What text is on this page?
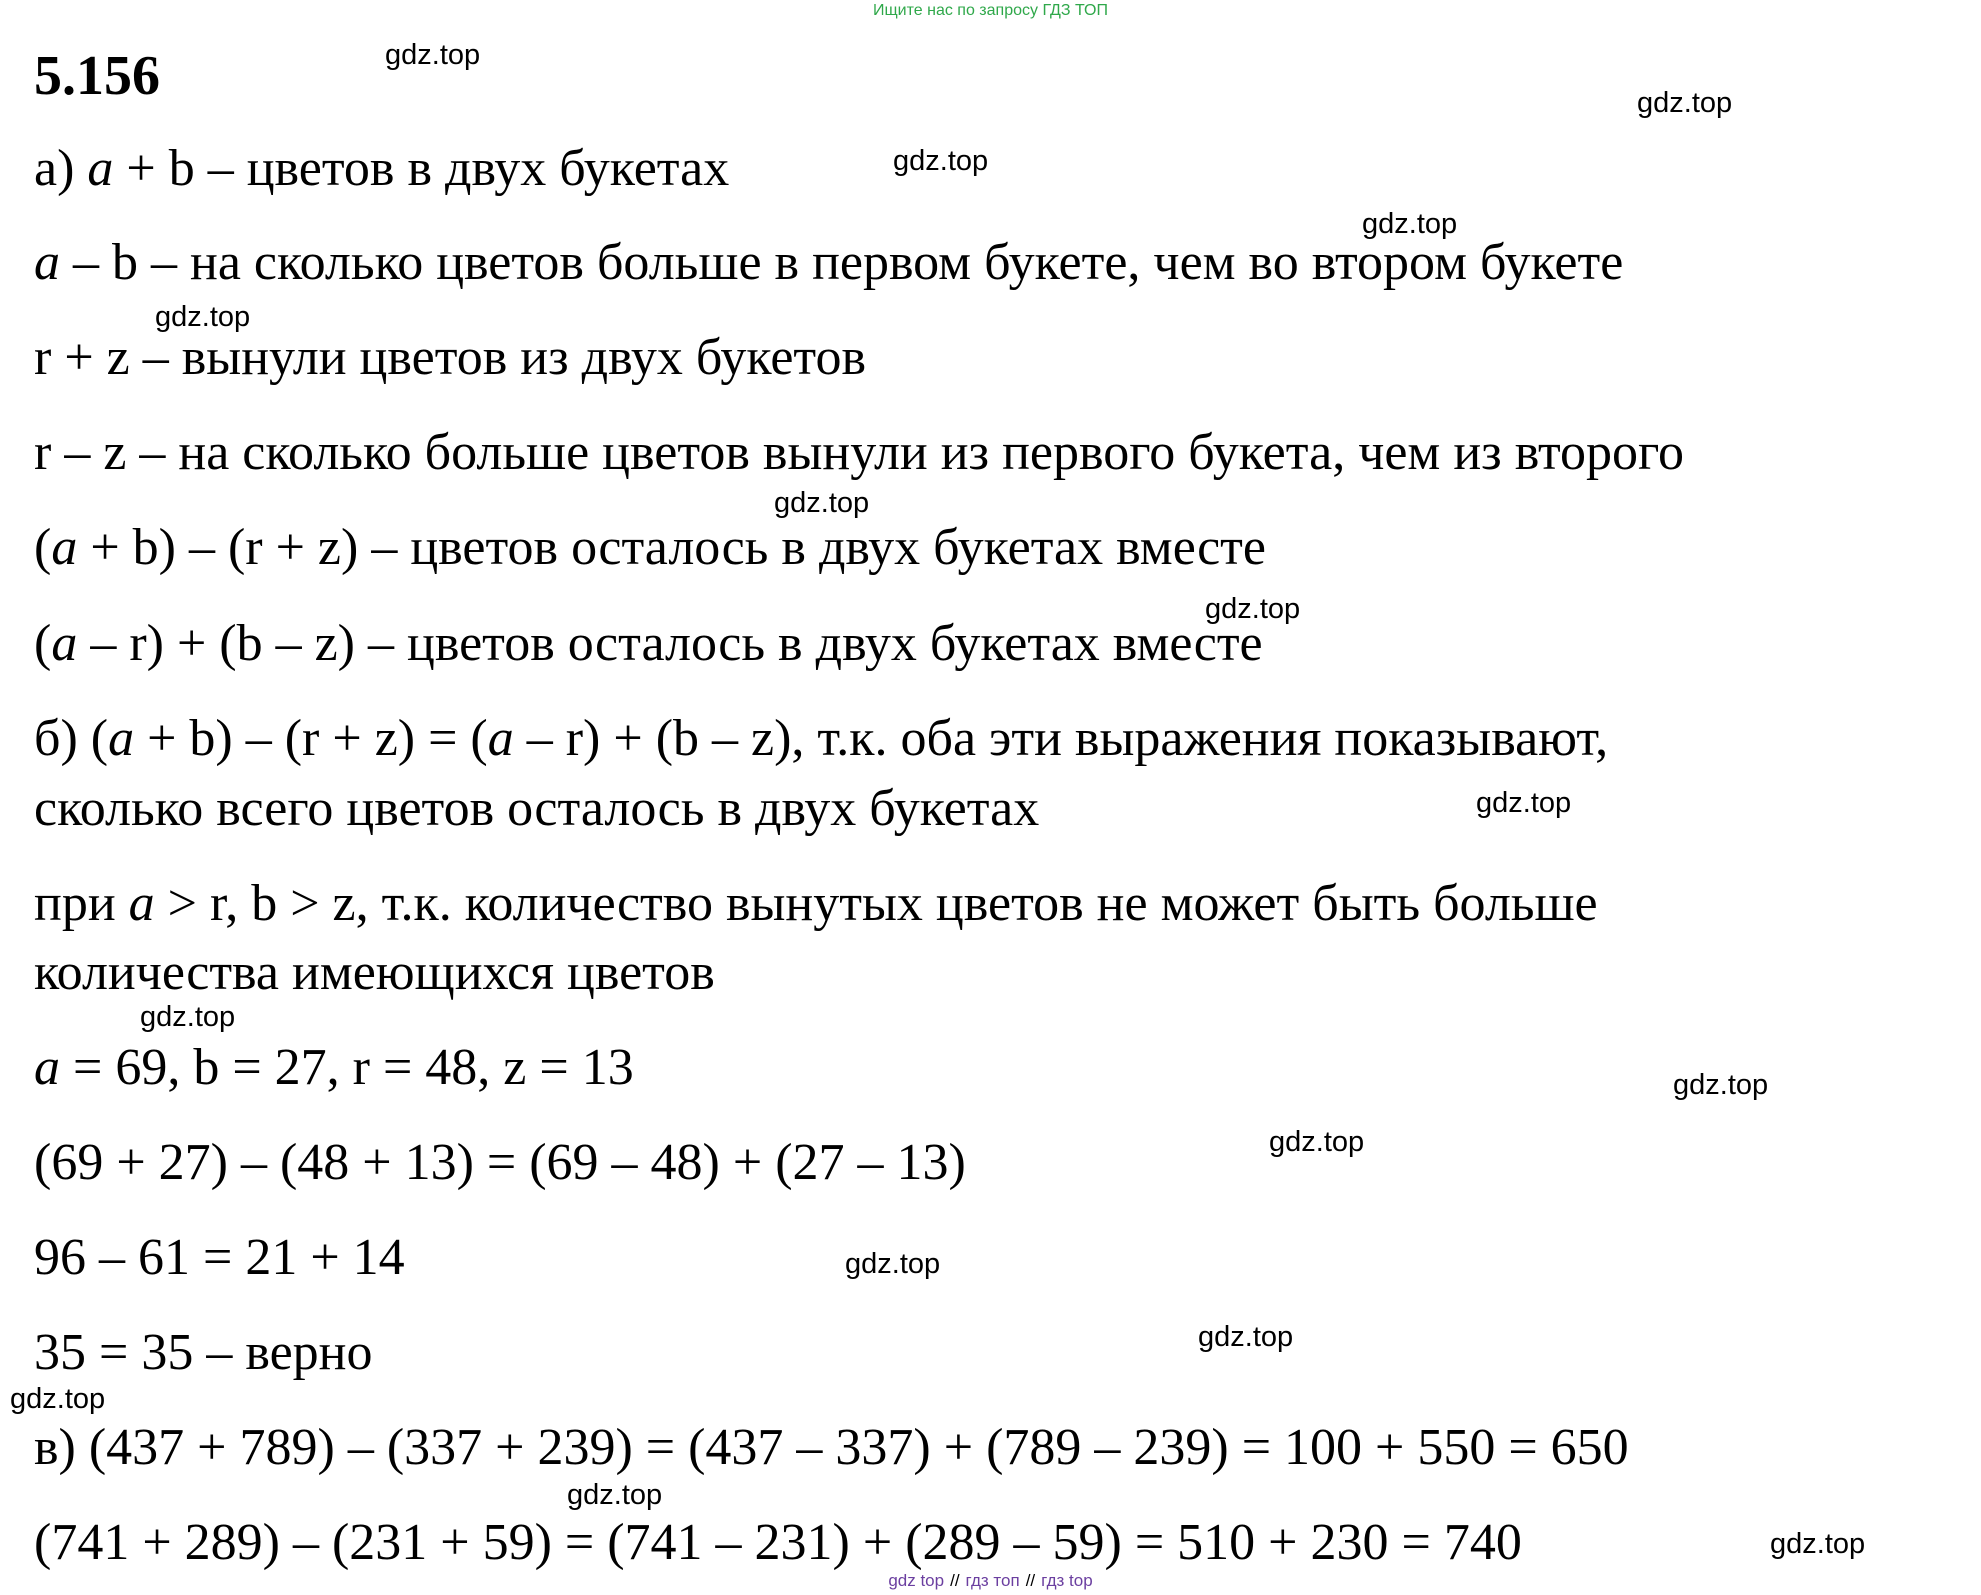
Ищите нас по запросу ГДЗ ТОП
5.156
а) a + b – цветов в двух букетах
a – b – на сколько цветов больше в первом букете, чем во втором букете
r + z – вынули цветов из двух букетов
r – z – на сколько больше цветов вынули из первого букета, чем из второго
(a + b) – (r + z) – цветов осталось в двух букетах вместе
(a – r) + (b – z) – цветов осталось в двух букетах вместе
б) (a + b) – (r + z) = (a – r) + (b – z), т.к. оба эти выражения показывают,
сколько всего цветов осталось в двух букетах
при a > r, b > z, т.к. количество вынутых цветов не может быть больше
количества имеющихся цветов
a = 69, b = 27, r = 48, z = 13
(69 + 27) – (48 + 13) = (69 – 48) + (27 – 13)
96 – 61 = 21 + 14
35 = 35 – верно
в) (437 + 789) – (337 + 239) = (437 – 337) + (789 – 239) = 100 + 550 = 650
(741 + 289) – (231 + 59) = (741 – 231) + (289 – 59) = 510 + 230 = 740
gdz.top
gdz.top
gdz.top
gdz.top
gdz.top
gdz.top
gdz.top
gdz.top
gdz.top
gdz.top
gdz.top
gdz.top
gdz.top
gdz.top
gdz.top
gdz.top
gdz top // гдз топ // гдз top
